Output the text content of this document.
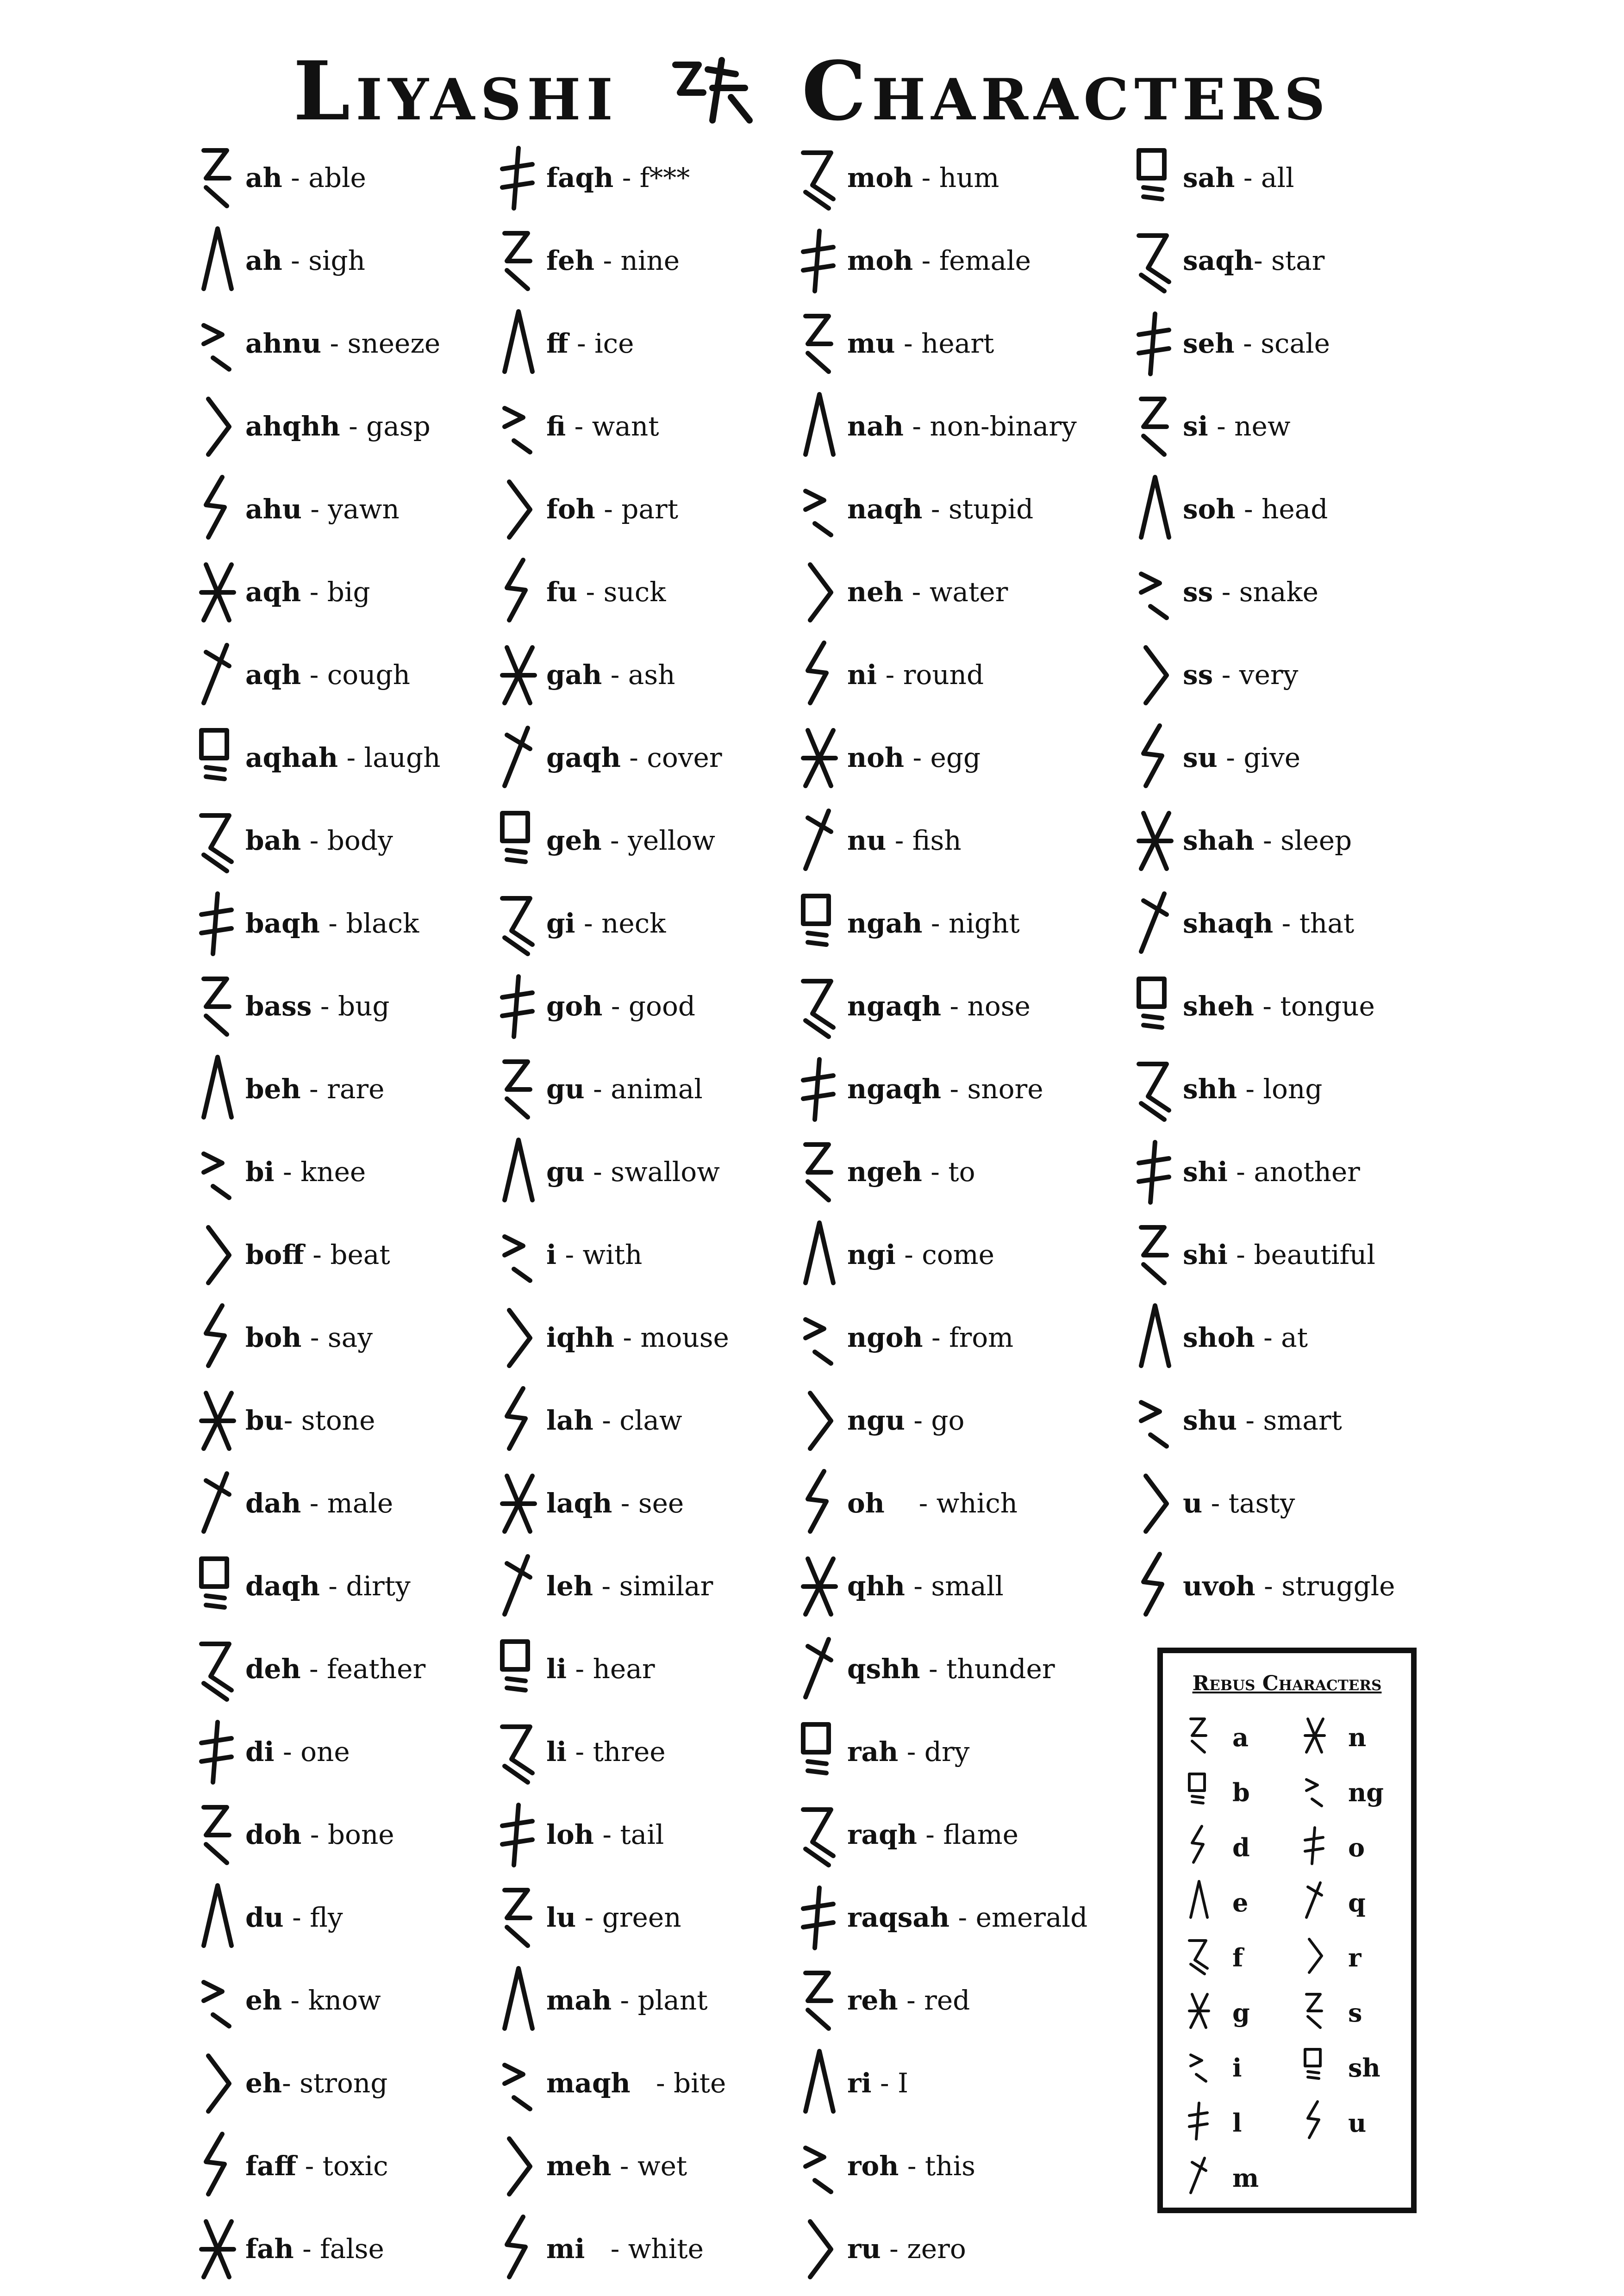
Liyashi Characters
ah - able
ah - sigh
ahnu - sneeze
ahqhh - gasp
ahu - yawn
aqh - big
aqh - cough
aqhah - laugh
bah - body
baqh - black
bass - bug
beh - rare
bi - knee
boff - beat
boh - say
bu- stone
dah - male
daqh - dirty
deh - feather
di - one
doh - bone
du - fly
eh - know
eh- strong
faff - toxic
fah - false
faqh - f***
feh - nine
ff - ice
fi - want
foh - part
fu - suck
gah - ash
gaqh - cover
geh - yellow
gi - neck
goh - good
gu - animal
gu - swallow
i - with
iqhh - mouse
lah - claw
laqh - see
leh - similar
li - hear
li - three
loh - tail
lu - green
mah - plant
maqh   - bite
meh - wet
mi   - white
moh - hum
moh - female
mu - heart
nah - non-binary
naqh - stupid
neh - water
ni - round
noh - egg
nu - fish
ngah - night
ngaqh - nose
ngaqh - snore
ngeh - to
ngi - come
ngoh - from
ngu - go
oh    - which
qhh - small
qshh - thunder
rah - dry
raqh - flame
raqsah - emerald
reh - red
ri - I
roh - this
ru - zero
sah - all
saqh- star
seh - scale
si - new
soh - head
ss - snake
ss - very
su - give
shah - sleep
shaqh - that
sheh - tongue
shh - long
shi - another
shi - beautiful
shoh - at
shu - smart
u - tasty
uvoh - struggle
Rebus Characters
a
b
d
e
f
g
i
l
m
n
ng
o
q
r
s
sh
u
